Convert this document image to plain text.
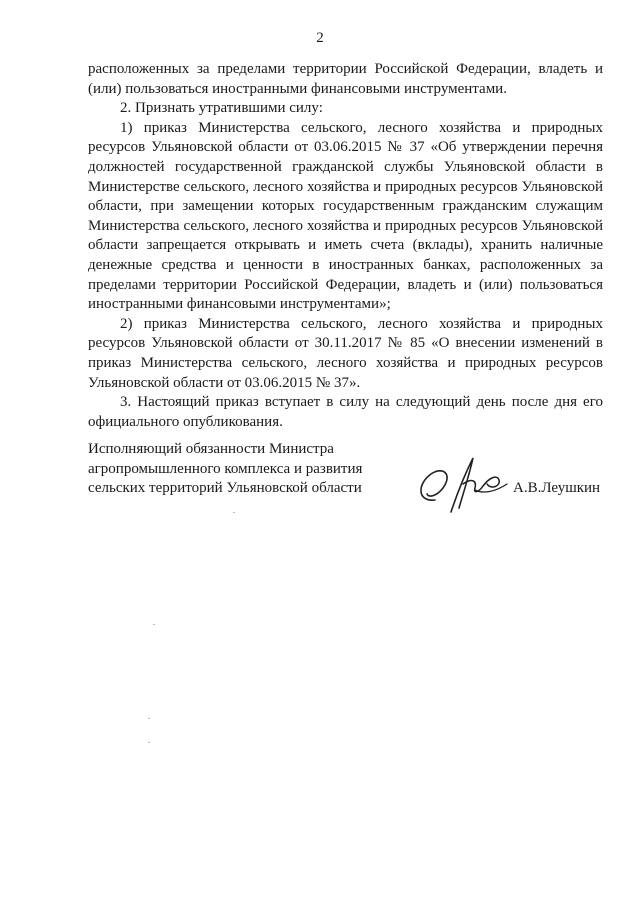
2

расположенных за пределами территории Российской Федерации, владеть и (или) пользоваться иностранными финансовыми инструментами.

2. Признать утратившими силу:

1) приказ Министерства сельского, лесного хозяйства и природных ресурсов Ульяновской области от 03.06.2015 № 37 «Об утверждении перечня должностей государственной гражданской службы Ульяновской области в Министерстве сельского, лесного хозяйства и природных ресурсов Ульяновской области, при замещении которых государственным гражданским служащим Министерства сельского, лесного хозяйства и природных ресурсов Ульяновской области запрещается открывать и иметь счета (вклады), хранить наличные денежные средства и ценности в иностранных банках, расположенных за пределами территории Российской Федерации, владеть и (или) пользоваться иностранными финансовыми инструментами»;

2) приказ Министерства сельского, лесного хозяйства и природных ресурсов Ульяновской области от 30.11.2017 № 85 «О внесении изменений в приказ Министерства сельского, лесного хозяйства и природных ресурсов Ульяновской области от 03.06.2015 № 37».

3. Настоящий приказ вступает в силу на следующий день после дня его официального опубликования.

Исполняющий обязанности Министра
агропромышленного комплекса и развития
сельских территорий Ульяновской области	А.В.Леушкин
